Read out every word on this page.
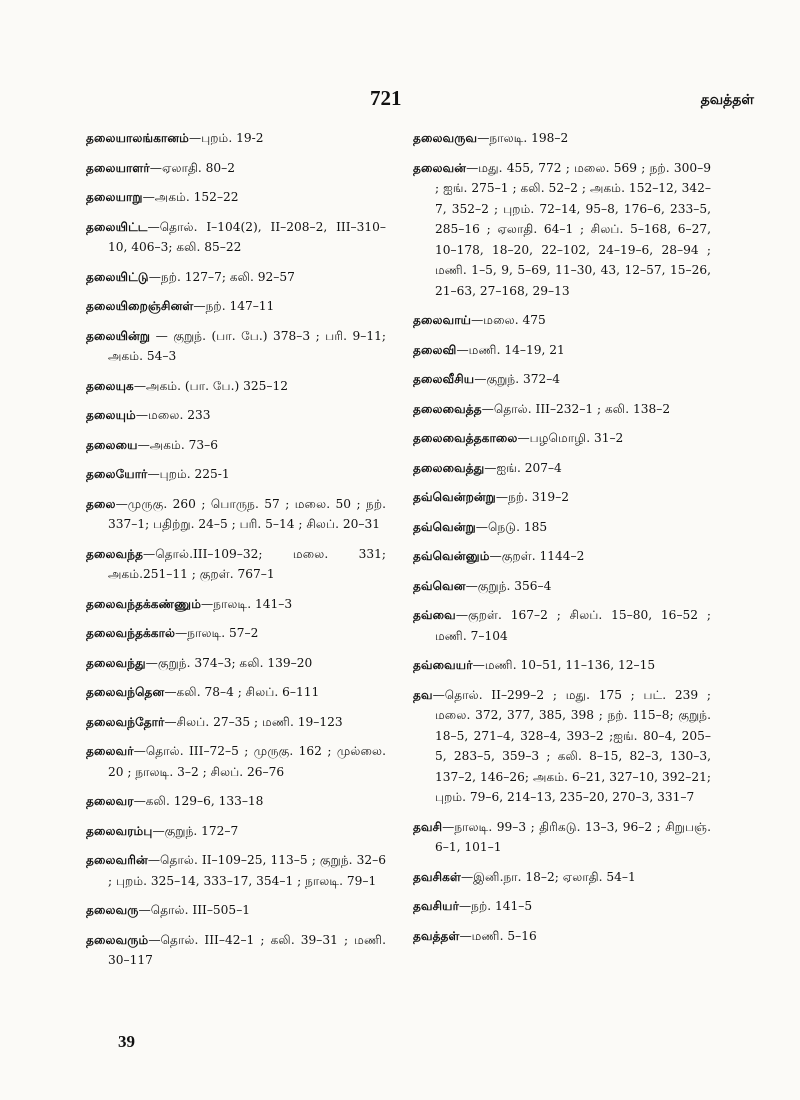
721	தவத்தள்

தலையாலங்கானம்—புறம். 19-2

தலையாளர்—ஏலாதி. 80–2

தலையாறு—அகம். 152–22

தலையிட்ட—தொல். I–104(2), II–208–2, III–310–10, 406–3; கலி. 85–22

தலையிட்டு—நற். 127–7; கலி. 92–57

தலையிறைஞ்சினள்—நற். 147–11

தலையின்று — குறுந். (பா. பே.) 378–3 ; பரி. 9–11; அகம். 54–3

தலையுக—அகம். (பா. பே.) 325–12

தலையும்—மலை. 233

தலையை—அகம். 73–6

தலையோர்—புறம். 225-1

தலை—முருகு. 260 ; பொருந. 57 ; மலை. 50 ; நற். 337–1; பதிற்று. 24–5 ; பரி. 5–14 ; சிலப். 20–31

தலைவந்த—தொல்.III–109–32; மலை. 331; அகம்.251–11 ; குறள். 767–1

தலைவந்தக்கண்ணும்—நாலடி. 141–3

தலைவந்தக்கால்—நாலடி. 57–2

தலைவந்து—குறுந். 374–3; கலி. 139–20

தலைவந்தென—கலி. 78–4 ; சிலப். 6–111

தலைவந்தோர்—சிலப். 27–35 ; மணி. 19–123

தலைவர்—தொல். III–72–5 ; முருகு. 162 ; முல்லை. 20 ; நாலடி. 3–2 ; சிலப். 26–76

தலைவர—கலி. 129–6, 133–18

தலைவரம்பு—குறுந். 172–7

தலைவரின்—தொல். II–109–25, 113–5 ; குறுந். 32–6 ; புறம். 325–14, 333–17, 354–1 ; நாலடி. 79–1

தலைவரு—தொல். III–505–1

தலைவரும்—தொல். III–42–1 ; கலி. 39–31 ; மணி. 30–117

தலைவருவ—நாலடி. 198–2

தலைவன்—மது. 455, 772 ; மலை. 569 ; நற். 300–9 ; ஐங். 275–1 ; கலி. 52–2 ; அகம். 152–12, 342–7, 352–2 ; புறம். 72–14, 95–8, 176–6, 233–5, 285–16 ; ஏலாதி. 64–1 ; சிலப். 5–168, 6–27, 10–178, 18–20, 22–102, 24–19–6, 28–94 ; மணி. 1–5, 9, 5–69, 11–30, 43, 12–57, 15–26, 21–63, 27–168, 29–13

தலைவாய்—மலை. 475

தலைவி—மணி. 14–19, 21

தலைவீசிய—குறுந். 372–4

தலைவைத்த—தொல். III–232–1 ; கலி. 138–2

தலைவைத்தகாலை—பழமொழி. 31–2

தலைவைத்து—ஐங். 207–4

தவ்வென்றன்று—நற். 319–2

தவ்வென்று—நெடு. 185

தவ்வென்னும்—குறள். 1144–2

தவ்வென—குறுந். 356–4

தவ்வை—குறள். 167–2 ; சிலப். 15–80, 16–52 ; மணி. 7–104

தவ்வையர்—மணி. 10–51, 11–136, 12–15

தவ—தொல். II–299–2 ; மது. 175 ; பட். 239 ; மலை. 372, 377, 385, 398 ; நற். 115–8; குறுந். 18–5, 271–4, 328–4, 393–2 ;ஐங். 80–4, 205–5, 283–5, 359–3 ; கலி. 8–15, 82–3, 130–3, 137–2, 146–26; அகம். 6–21, 327–10, 392–21; புறம். 79–6, 214–13, 235–20, 270–3, 331–7

தவசி—நாலடி. 99–3 ; திரிகடு. 13–3, 96–2 ; சிறுபஞ். 6–1, 101–1

தவசிகள்—இனி.நா. 18–2; ஏலாதி. 54–1

தவசியர்—நற். 141–5

தவத்தள்—மணி. 5–16

39
